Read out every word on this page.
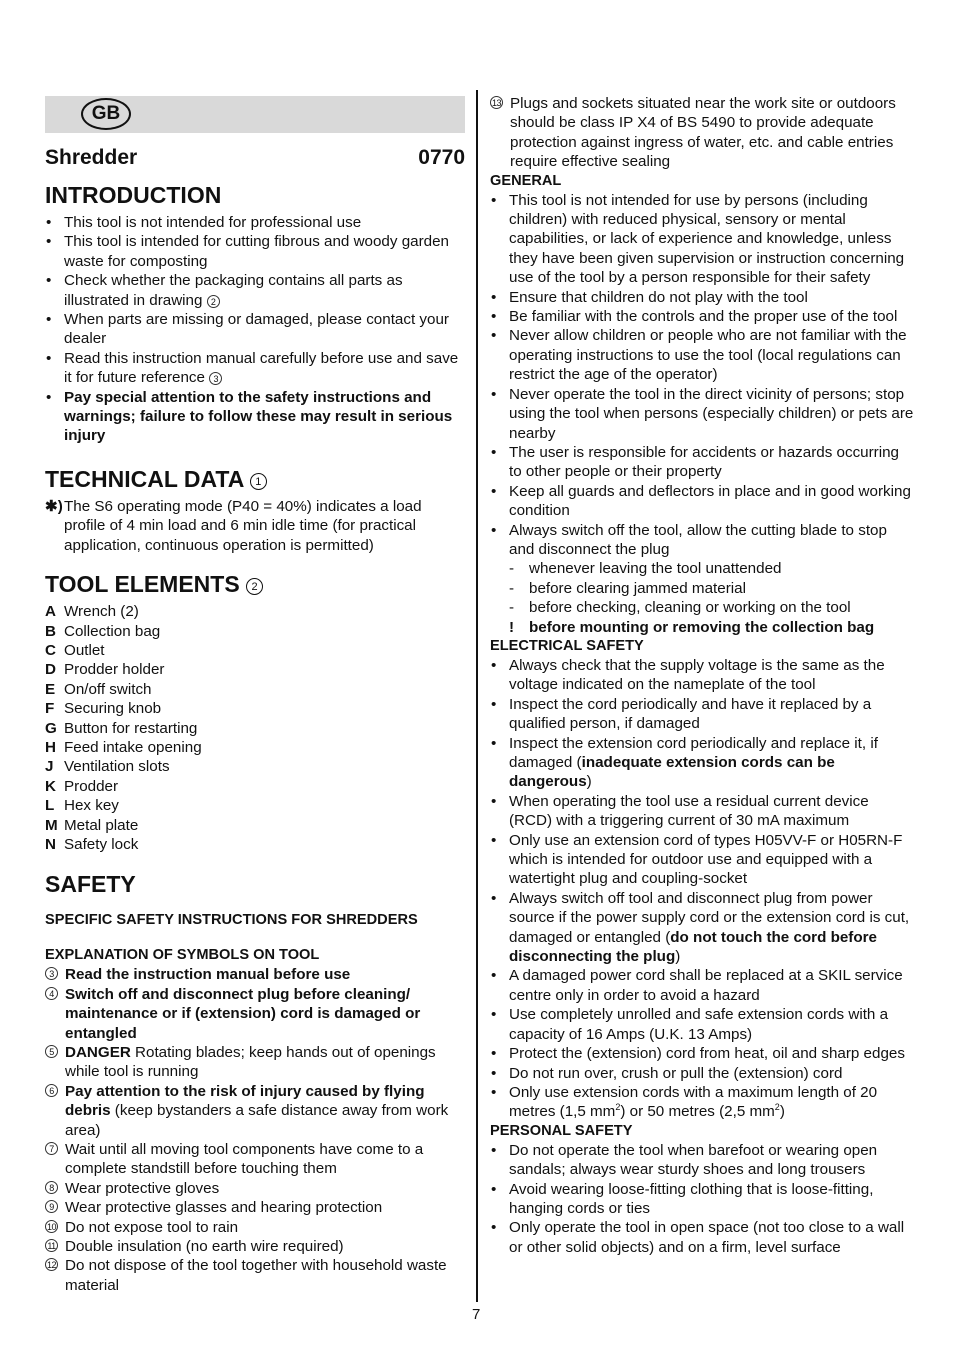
GB
Shredder	0770
INTRODUCTION
• This tool is not intended for professional use
• This tool is intended for cutting fibrous and woody garden waste for composting
• Check whether the packaging contains all parts as illustrated in drawing 2
• When parts are missing or damaged, please contact your dealer
• Read this instruction manual carefully before use and save it for future reference 3
• Pay special attention to the safety instructions and warnings; failure to follow these may result in serious injury
TECHNICAL DATA 1
✱) The S6 operating mode (P40 = 40%) indicates a load profile of 4 min load and 6 min idle time (for practical application, continuous operation is permitted)
TOOL ELEMENTS 2
A Wrench (2)
B Collection bag
C Outlet
D Prodder holder
E On/off switch
F Securing knob
G Button for restarting
H Feed intake opening
J Ventilation slots
K Prodder
L Hex key
M Metal plate
N Safety lock
SAFETY
SPECIFIC SAFETY INSTRUCTIONS FOR SHREDDERS
EXPLANATION OF SYMBOLS ON TOOL
3 Read the instruction manual before use
4 Switch off and disconnect plug before cleaning/ maintenance or if (extension) cord is damaged or entangled
5 DANGER Rotating blades; keep hands out of openings while tool is running
6 Pay attention to the risk of injury caused by flying debris (keep bystanders a safe distance away from work area)
7 Wait until all moving tool components have come to a complete standstill before touching them
8 Wear protective gloves
9 Wear protective glasses and hearing protection
10 Do not expose tool to rain
11 Double insulation (no earth wire required)
12 Do not dispose of the tool together with household waste material
13 Plugs and sockets situated near the work site or outdoors should be class IP X4 of BS 5490 to provide adequate protection against ingress of water, etc. and cable entries require effective sealing
GENERAL
• This tool is not intended for use by persons (including children) with reduced physical, sensory or mental capabilities, or lack of experience and knowledge, unless they have been given supervision or instruction concerning use of the tool by a person responsible for their safety
• Ensure that children do not play with the tool
• Be familiar with the controls and the proper use of the tool
• Never allow children or people who are not familiar with the operating instructions to use the tool (local regulations can restrict the age of the operator)
• Never operate the tool in the direct vicinity of persons; stop using the tool when persons (especially children) or pets are nearby
• The user is responsible for accidents or hazards occurring to other people or their property
• Keep all guards and deflectors in place and in good working condition
• Always switch off the tool, allow the cutting blade to stop and disconnect the plug
- whenever leaving the tool unattended
- before clearing jammed material
- before checking, cleaning or working on the tool
! before mounting or removing the collection bag
ELECTRICAL SAFETY
• Always check that the supply voltage is the same as the voltage indicated on the nameplate of the tool
• Inspect the cord periodically and have it replaced by a qualified person, if damaged
• Inspect the extension cord periodically and replace it, if damaged (inadequate extension cords can be dangerous)
• When operating the tool use a residual current device (RCD) with a triggering current of 30 mA maximum
• Only use an extension cord of types H05VV-F or H05RN-F which is intended for outdoor use and equipped with a watertight plug and coupling-socket
• Always switch off tool and disconnect plug from power source if the power supply cord or the extension cord is cut, damaged or entangled (do not touch the cord before disconnecting the plug)
• A damaged power cord shall be replaced at a SKIL service centre only in order to avoid a hazard
• Use completely unrolled and safe extension cords with a capacity of 16 Amps (U.K. 13 Amps)
• Protect the (extension) cord from heat, oil and sharp edges
• Do not run over, crush or pull the (extension) cord
• Only use extension cords with a maximum length of 20 metres (1,5 $mm^2$) or 50 metres (2,5 $mm^2$)
PERSONAL SAFETY
• Do not operate the tool when barefoot or wearing open sandals; always wear sturdy shoes and long trousers
• Avoid wearing loose-fitting clothing that is loose-fitting, hanging cords or ties
• Only operate the tool in open space (not too close to a wall or other solid objects) and on a firm, level surface
7
